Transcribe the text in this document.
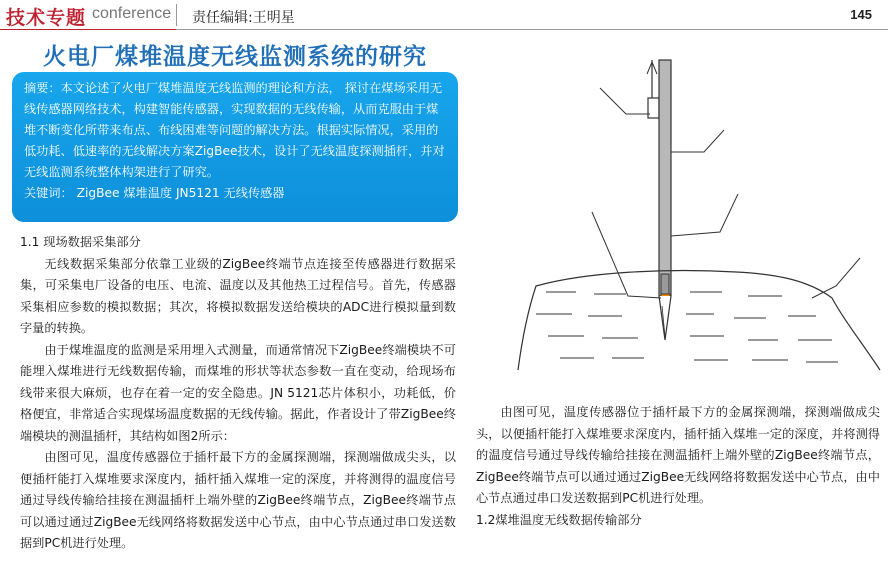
技术专题 conference 责任编辑:王明星	145
火电厂煤堆温度无线监测系统的研究
摘要：本文论述了火电厂煤堆温度无线监测的理论和方法， 探讨在煤场采用无线传感器网络技术，构建智能传感器，实现数据的无线传输，从而克服由于煤堆不断变化所带来布点、布线困难等问题的解决方法。根据实际情况，采用的低功耗、低速率的无线解决方案ZigBee技术，设计了无线温度探测插杆，并对无线监测系统整体构架进行了研究。
关键词： ZigBee 煤堆温度 JN5121 无线传感器
1.1 现场数据采集部分

无线数据采集部分依靠工业级的ZigBee终端节点连接至传感器进行数据采集，可采集电厂设备的电压、电流、温度以及其他热工过程信号。首先，传感器采集相应参数的模拟数据；其次，将模拟数据发送给模块的ADC进行模拟量到数字量的转换。

由于煤堆温度的监测是采用埋入式测量，而通常情况下ZigBee终端模块不可能埋入煤堆进行无线数据传输，而煤堆的形状等状态参数一直在变动，给现场布线带来很大麻烦，也存在着一定的安全隐患。JN 5121芯片体积小，功耗低，价格便宜，非常适合实现煤场温度数据的无线传输。据此，作者设计了带ZigBee终端模块的测温插杆，其结构如图2所示：

由图可见，温度传感器位于插杆最下方的金属探测端，探测端做成尖头，以便插杆能打入煤堆要求深度内，插杆插入煤堆一定的深度，并将测得的温度信号通过导线传输给挂接在测温插杆上端外壁的ZigBee终端节点，ZigBee终端节点可以通过通过ZigBee无线网络将数据发送中心节点，由中心节点通过串口发送数据到PC机进行处理。

由图可见，温度传感器位于插杆最下方的金属探测端，探测端做成尖头，以便插杆能打入煤堆要求深度内，插杆插入煤堆一定的深度，并将测得的温度信号通过导线传输给挂接在测温插杆上端外壁的ZigBee终端节点，ZigBee终端节点可以通过通过ZigBee无线网络将数据发送中心节点，由中心节点通过串口发送数据到PC机进行处理。

1.2煤堆温度无线数据传输部分
